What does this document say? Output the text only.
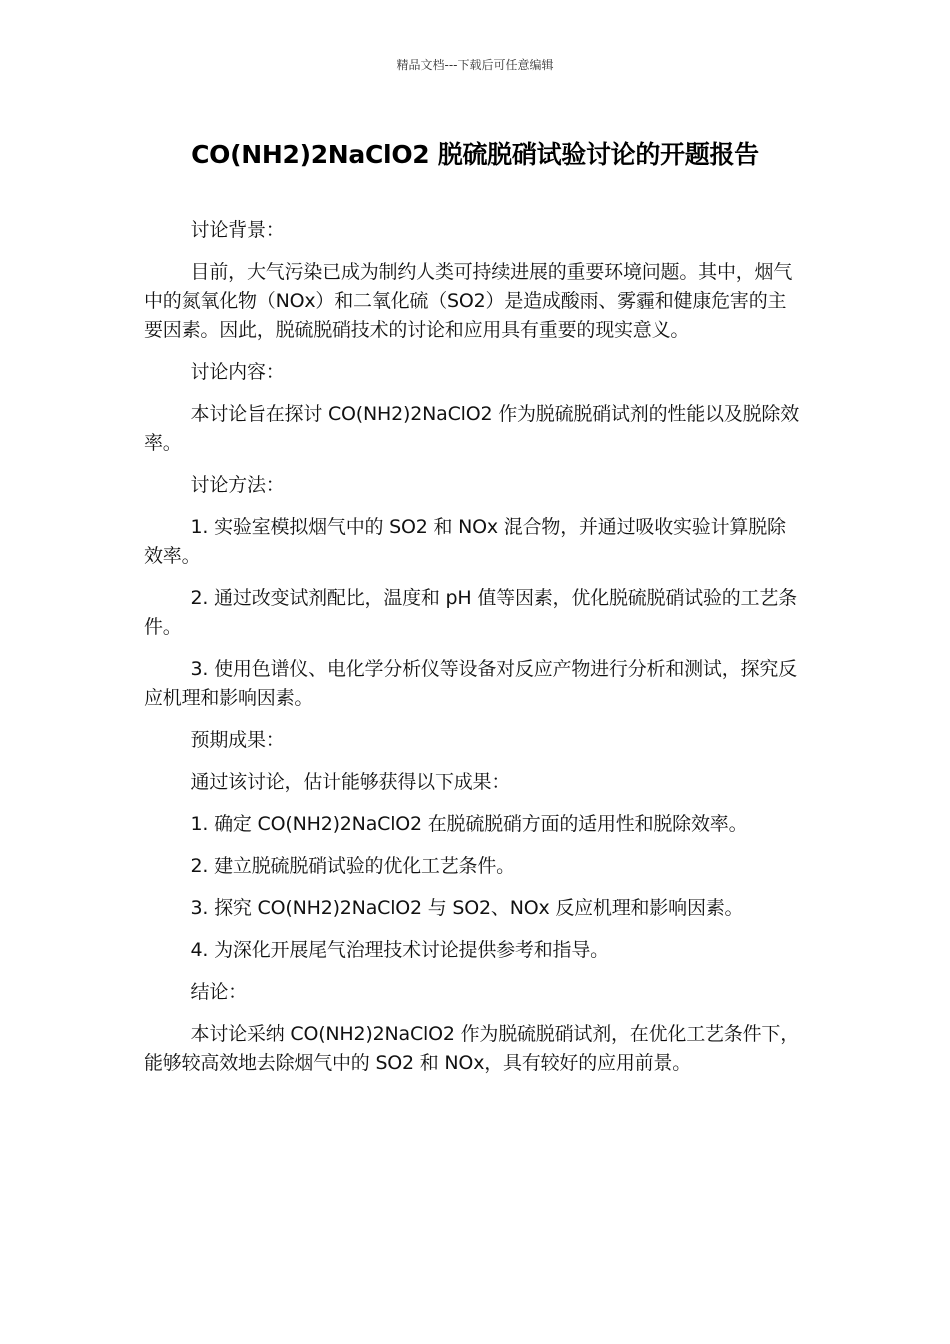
精品文档---下载后可任意编辑
CO(NH2)2NaClO2 脱硫脱硝试验讨论的开题报告

讨论背景：

目前，大气污染已成为制约人类可持续进展的重要环境问题。其中，烟气中的氮氧化物（NOx）和二氧化硫（SO2）是造成酸雨、雾霾和健康危害的主要因素。因此，脱硫脱硝技术的讨论和应用具有重要的现实意义。

讨论内容：

本讨论旨在探讨 CO(NH2)2NaClO2 作为脱硫脱硝试剂的性能以及脱除效率。

讨论方法：

1. 实验室模拟烟气中的 SO2 和 NOx 混合物，并通过吸收实验计算脱除效率。

2. 通过改变试剂配比，温度和 pH 值等因素，优化脱硫脱硝试验的工艺条件。

3. 使用色谱仪、电化学分析仪等设备对反应产物进行分析和测试，探究反应机理和影响因素。

预期成果：

通过该讨论，估计能够获得以下成果：

1. 确定 CO(NH2)2NaClO2 在脱硫脱硝方面的适用性和脱除效率。

2. 建立脱硫脱硝试验的优化工艺条件。

3. 探究 CO(NH2)2NaClO2 与 SO2、NOx 反应机理和影响因素。

4. 为深化开展尾气治理技术讨论提供参考和指导。

结论：

本讨论采纳 CO(NH2)2NaClO2 作为脱硫脱硝试剂，在优化工艺条件下，能够较高效地去除烟气中的 SO2 和 NOx，具有较好的应用前景。
